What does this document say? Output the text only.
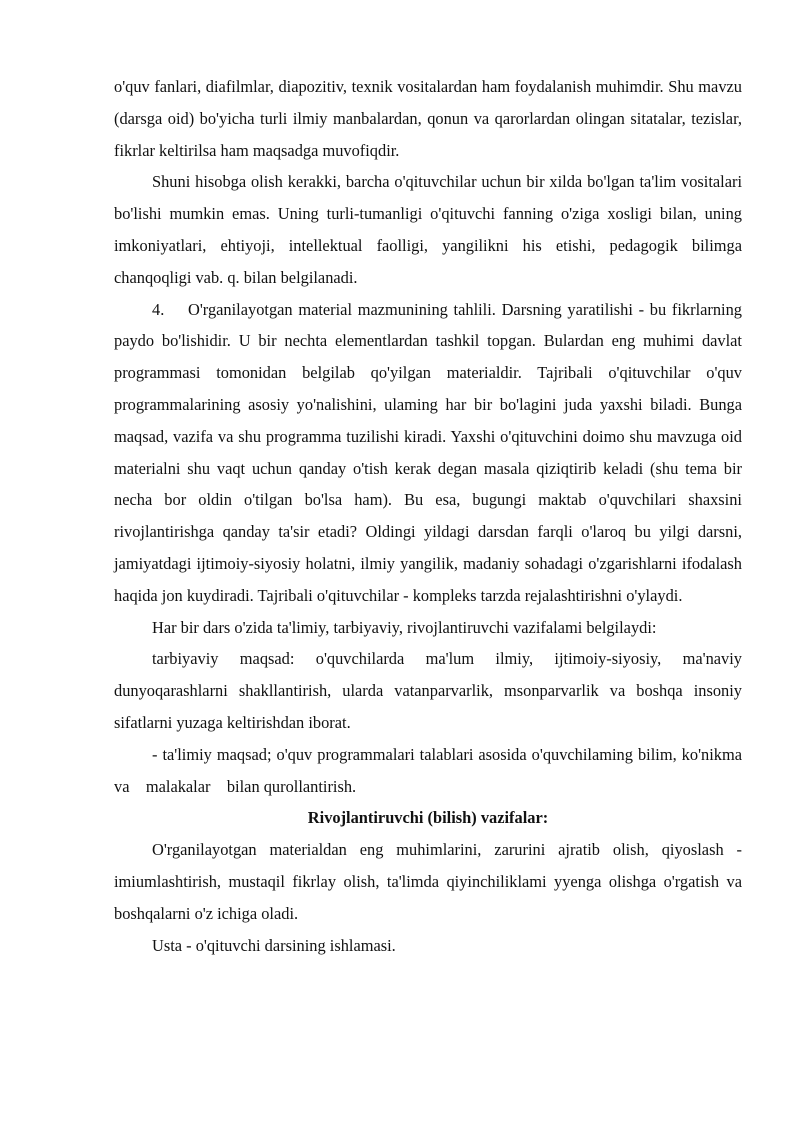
o'quv fanlari, diafilmlar, diapozitiv, texnik vositalardan ham foydalanish muhimdir. Shu mavzu (darsga oid) bo'yicha turli ilmiy manbalardan, qonun va qarorlardan olingan sitatalar, tezislar, fikrlar keltirilsa ham maqsadga muvofiqdir.

Shuni hisobga olish kerakki, barcha o'qituvchilar uchun bir xilda bo'lgan ta'lim vositalari bo'lishi mumkin emas. Uning turli-tumanligi o'qituvchi fanning o'ziga xosligi bilan, uning imkoniyatlari, ehtiyoji, intellektual faolligi, yangilikni his etishi, pedagogik bilimga chanqoqligi vab. q. bilan belgilanadi.

4. O'rganilayotgan material mazmunining tahlili. Darsning yaratilishi - bu fikrlarning paydo bo'lishidir. U bir nechta elementlardan tashkil topgan. Bulardan eng muhimi davlat programmasi tomonidan belgilab qo'yilgan materialdir. Tajribali o'qituvchilar o'quv programmalarining asosiy yo'nalishini, ulaming har bir bo'lagini juda yaxshi biladi. Bunga maqsad, vazifa va shu programma tuzilishi kiradi. Yaxshi o'qituvchini doimo shu mavzuga oid materialni shu vaqt uchun qanday o'tish kerak degan masala qiziqtirib keladi (shu tema bir necha bor oldin o'tilgan bo'lsa ham). Bu esa, bugungi maktab o'quvchilari shaxsini rivojlantirishga qanday ta'sir etadi? Oldingi yildagi darsdan farqli o'laroq bu yilgi darsni, jamiyatdagi ijtimoiy-siyosiy holatni, ilmiy yangilik, madaniy sohadagi o'zgarishlarni ifodalash haqida jon kuydiradi. Tajribali o'qituvchilar - kompleks tarzda rejalashtirishni o'ylaydi.

Har bir dars o'zida ta'limiy, tarbiyaviy, rivojlantiruvchi vazifalami belgilaydi:

tarbiyaviy maqsad: o'quvchilarda ma'lum ilmiy, ijtimoiy-siyosiy, ma'naviy dunyoqarashlarni shakllantirish, ularda vatanparvarlik, msonparvarlik va boshqa insoniy sifatlarni yuzaga keltirishdan iborat.

- ta'limiy maqsad; o'quv programmalari talablari asosida o'quvchilaming bilim, ko'nikma    va    malakalar    bilan qurollantirish.

Rivojlantiruvchi (bilish) vazifalar:

O'rganilayotgan materialdan eng muhimlarini, zarurini ajratib olish, qiyoslash -imiumlashtirish, mustaqil fikrlay olish, ta'limda qiyinchiliklami yyenga olishga o'rgatish va boshqalarni o'z ichiga oladi.

Usta - o'qituvchi darsining ishlamasi.
